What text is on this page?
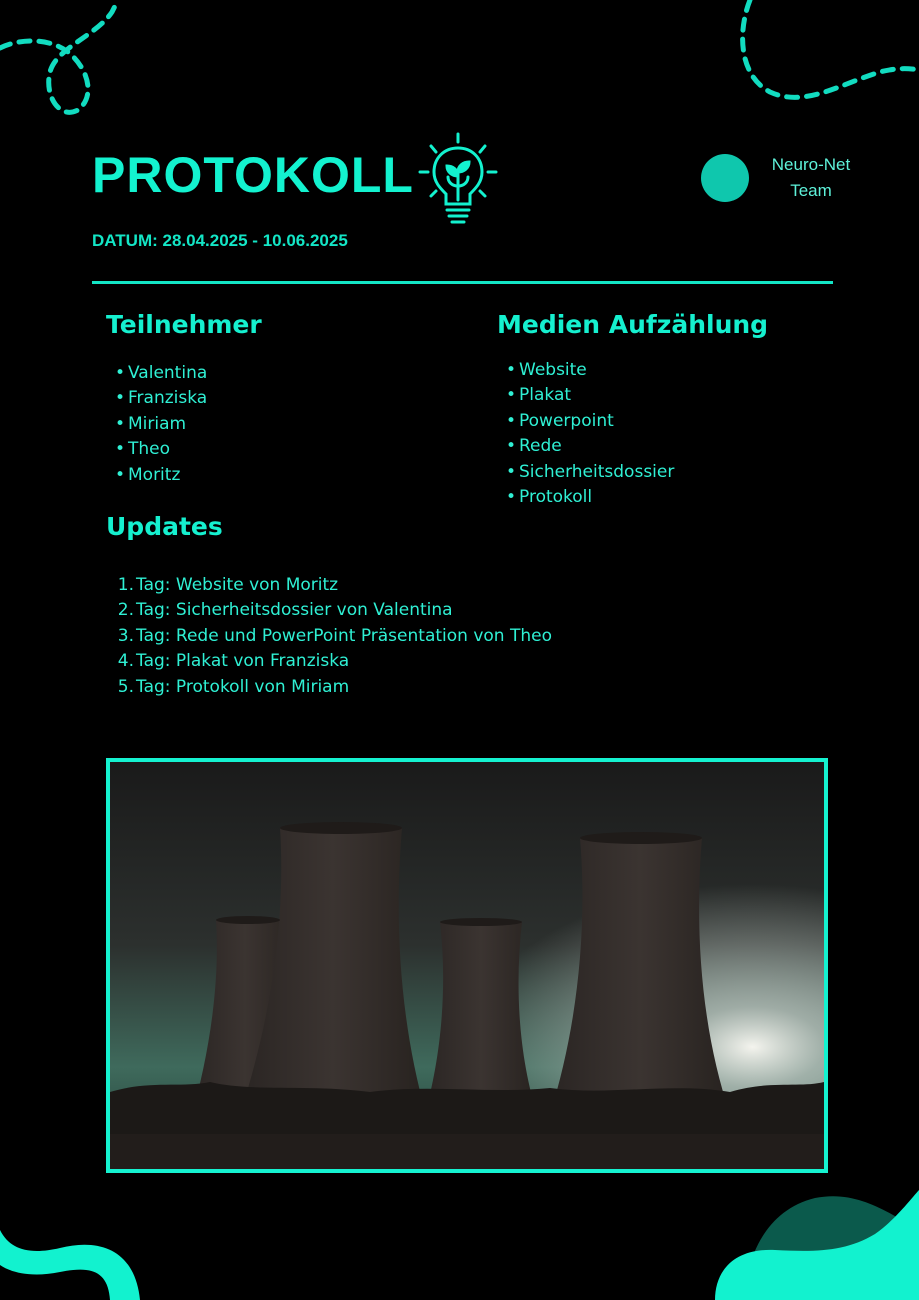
PROTOKOLL	Neuro-Net Team
DATUM: 28.04.2025 - 10.06.2025
Teilnehmer
• Valentina
• Franziska
• Miriam
• Theo
• Moritz
Medien Aufzählung
• Website
• Plakat
• Powerpoint
• Rede
• Sicherheitsdossier
• Protokoll
Updates
1. Tag: Website von Moritz
2. Tag: Sicherheitsdossier von Valentina
3. Tag: Rede und PowerPoint Präsentation von Theo
4. Tag: Plakat von Franziska
5. Tag: Protokoll von Miriam
